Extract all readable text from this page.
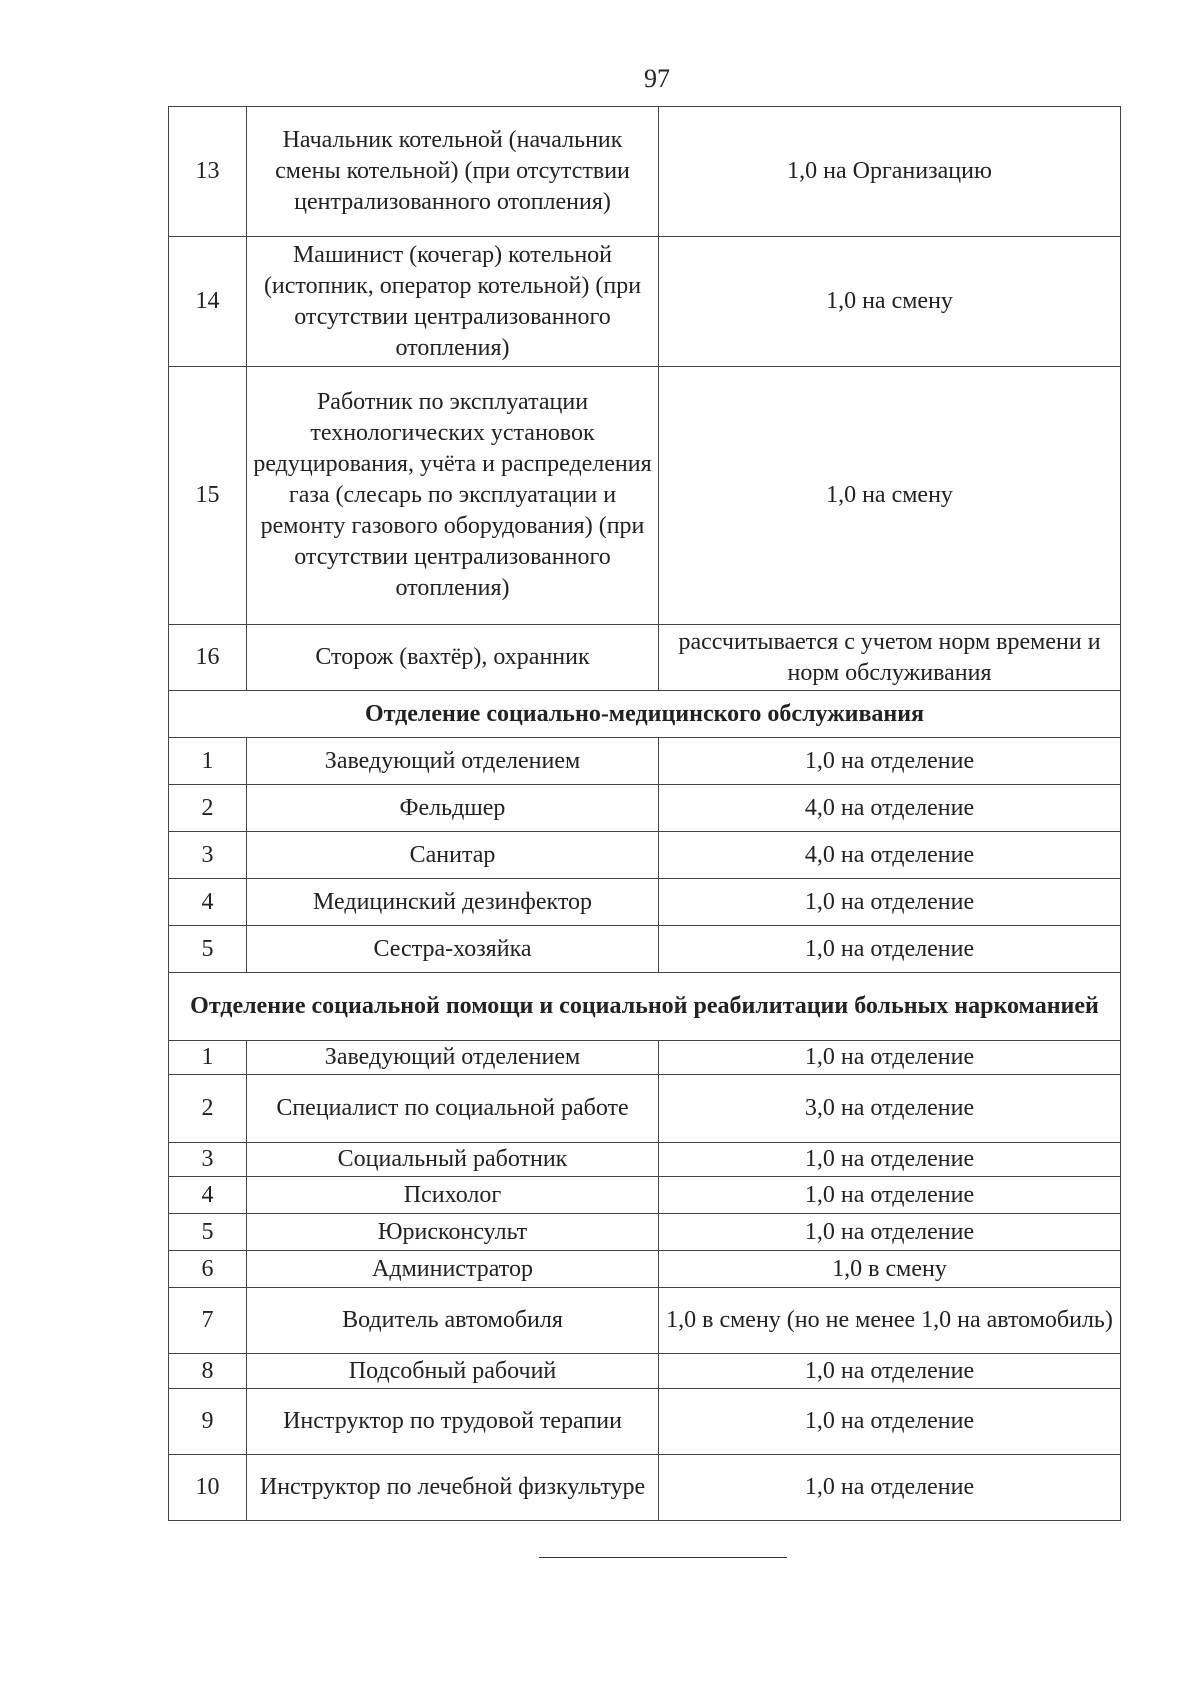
97
13	Начальник котельной (начальник смены котельной) (при отсутствии централизованного отопления)	1,0 на Организацию
14	Машинист (кочегар) котельной (истопник, оператор котельной) (при отсутствии централизованного отопления)	1,0 на смену
15	Работник по эксплуатации технологических установок редуцирования, учёта и распределения газа (слесарь по эксплуатации и ремонту газового оборудования) (при отсутствии централизованного отопления)	1,0 на смену
16	Сторож (вахтёр), охранник	рассчитывается с учетом норм времени и норм обслуживания
Отделение социально-медицинского обслуживания		
1	Заведующий отделением	1,0 на отделение
2	Фельдшер	4,0 на отделение
3	Санитар	4,0 на отделение
4	Медицинский дезинфектор	1,0 на отделение
5	Сестра-хозяйка	1,0 на отделение
Отделение социальной помощи и социальной реабилитации больных наркоманией		
1	Заведующий отделением	1,0 на отделение
2	Специалист по социальной работе	3,0 на отделение
3	Социальный работник	1,0 на отделение
4	Психолог	1,0 на отделение
5	Юрисконсульт	1,0 на отделение
6	Администратор	1,0 в смену
7	Водитель автомобиля	1,0 в смену (но не менее 1,0 на автомобиль)
8	Подсобный рабочий	1,0 на отделение
9	Инструктор по трудовой терапии	1,0 на отделение
10	Инструктор по лечебной физкультуре	1,0 на отделение
